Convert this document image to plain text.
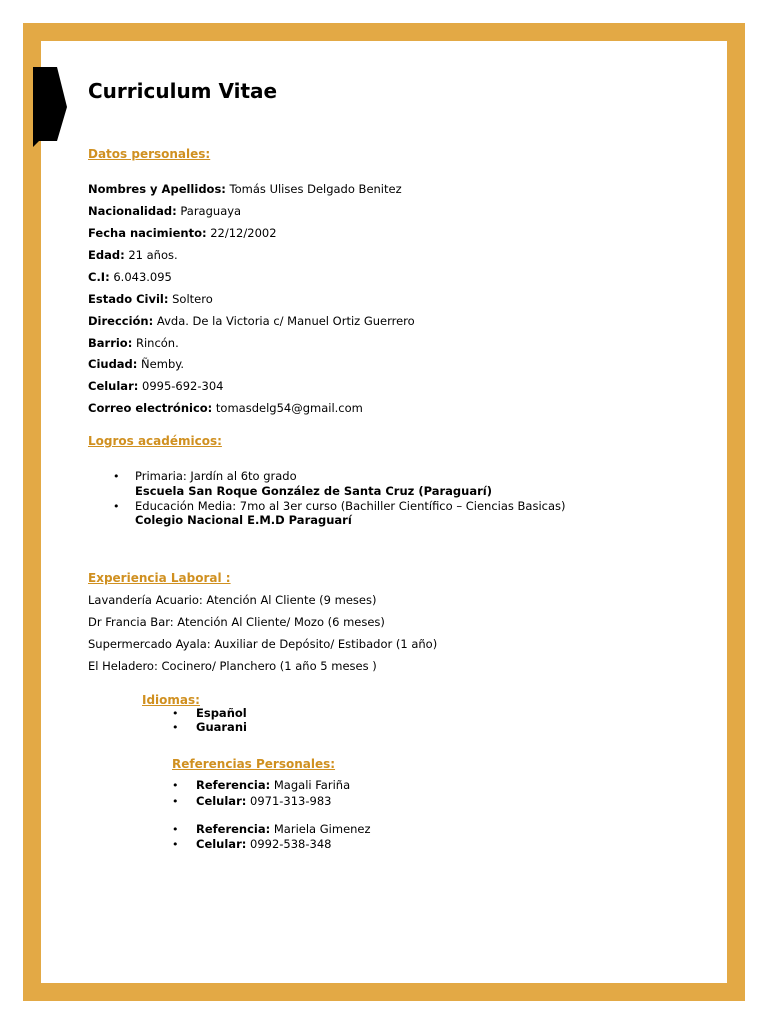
Curriculum Vitae
Datos personales:
Nombres y Apellidos: Tomás Ulises Delgado Benitez
Nacionalidad: Paraguaya
Fecha nacimiento: 22/12/2002
Edad: 21 años.
C.I: 6.043.095
Estado Civil: Soltero
Dirección: Avda. De la Victoria c/ Manuel Ortiz Guerrero
Barrio: Rincón.
Ciudad: Ñemby.
Celular: 0995-692-304
Correo electrónico: tomasdelg54@gmail.com
Logros académicos:
• Primaria: Jardín al 6to grado
Escuela San Roque González de Santa Cruz (Paraguarí)
• Educación Media: 7mo al 3er curso (Bachiller Científico – Ciencias Basicas)
Colegio Nacional E.M.D Paraguarí
Experiencia Laboral :
Lavandería Acuario: Atención Al Cliente (9 meses)
Dr Francia Bar: Atención Al Cliente/ Mozo (6 meses)
Supermercado Ayala: Auxiliar de Depósito/ Estibador (1 año)
El Heladero: Cocinero/ Planchero (1 año 5 meses )
Idiomas:
• Español
• Guarani
Referencias Personales:
• Referencia: Magali Fariña
• Celular: 0971-313-983
• Referencia: Mariela Gimenez
• Celular: 0992-538-348
